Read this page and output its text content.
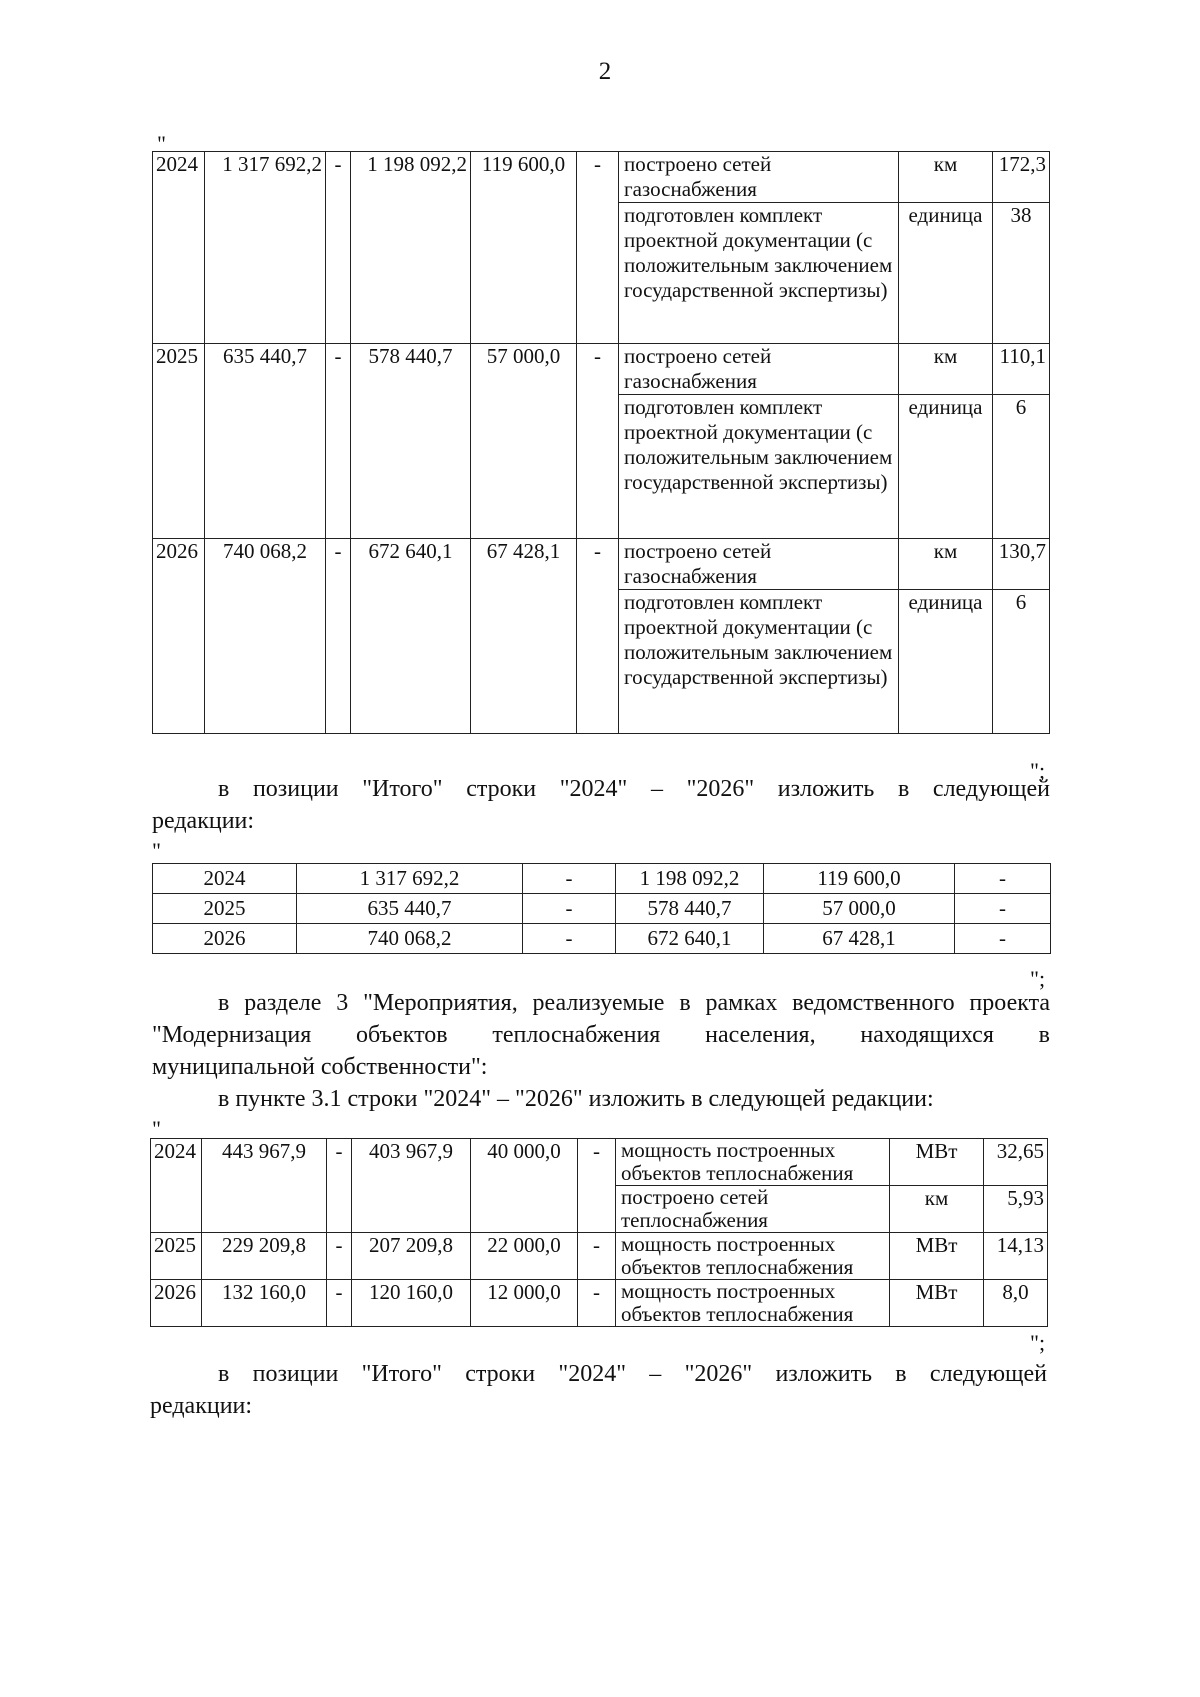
2
"
2024	1 317 692,2	-	1 198 092,2	119 600,0	-	построено сетей газоснабжения	км	172,3
						подготовлен комплект проектной документации (с положительным заключением государственной экспертизы)	единица	38
2025	635 440,7	-	578 440,7	57 000,0	-	построено сетей газоснабжения	км	110,1
						подготовлен комплект проектной документации (с положительным заключением государственной экспертизы)	единица	6
2026	740 068,2	-	672 640,1	67 428,1	-	построено сетей газоснабжения	км	130,7
						подготовлен комплект проектной документации (с положительным заключением государственной экспертизы)	единица	6
";
в позиции "Итого" строки "2024" – "2026" изложить в следующей
редакции:
"
2024	1 317 692,2	-	1 198 092,2	119 600,0	-
2025	635 440,7	-	578 440,7	57 000,0	-
2026	740 068,2	-	672 640,1	67 428,1	-
";
в разделе 3 "Мероприятия, реализуемые в рамках ведомственного проекта
"Модернизация объектов теплоснабжения населения, находящихся в
муниципальной собственности":
в пункте 3.1 строки "2024" – "2026" изложить в следующей редакции:
"
2024	443 967,9	-	403 967,9	40 000,0	-	мощность построенных объектов теплоснабжения	МВт	32,65
						построено сетей теплоснабжения	км	5,93
2025	229 209,8	-	207 209,8	22 000,0	-	мощность построенных объектов теплоснабжения	МВт	14,13
2026	132 160,0	-	120 160,0	12 000,0	-	мощность построенных объектов теплоснабжения	МВт	8,0
";
в позиции "Итого" строки "2024" – "2026" изложить в следующей
редакции:
